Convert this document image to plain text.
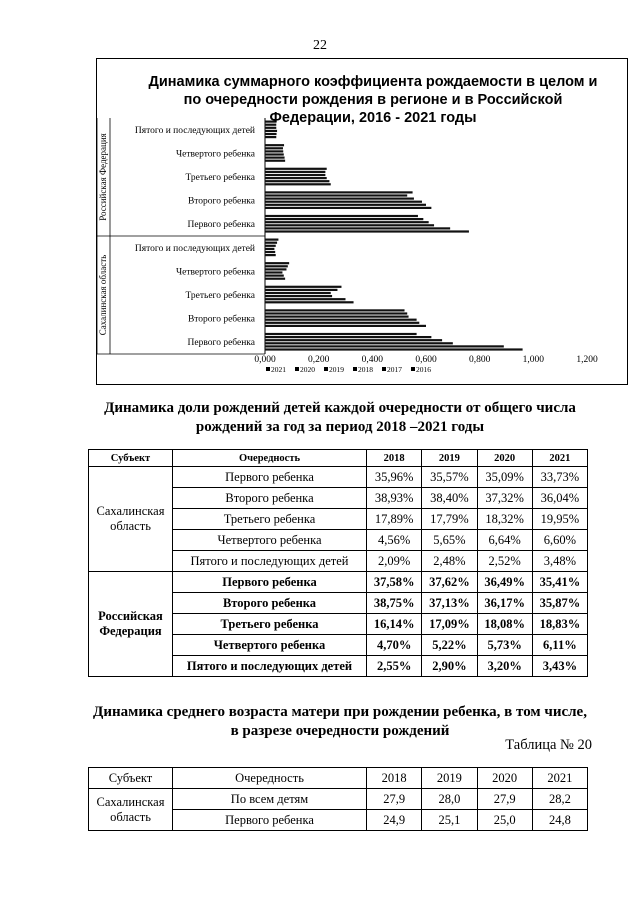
22
Российская Федерация
Пятого и последующих детей
Четвертого ребенка
Третьего ребенка
Второго ребенка
Первого ребенка
Сахалинская область
Пятого и последующих детей
Четвертого ребенка
Третьего ребенка
Второго ребенка
Первого ребенка
0,000	0,200	0,400	0,600	0,800	1,000	1,200
2021 2020 2019 2018 2017 2016
Динамика суммарного коэффициента рождаемости в целом и
по очередности рождения в регионе и в Российской
Федерации, 2016 - 2021 годы
Динамика доли рождений детей каждой очередности от общего числа
рождений за год за период 2018 –2021 годы
Субъект	Очередность	2018	2019	2020	2021

Сахалинская
область	Первого ребенка	35,96%	35,57%	35,09%	33,73%
	Второго ребенка	38,93%	38,40%	37,32%	36,04%
	Третьего ребенка	17,89%	17,79%	18,32%	19,95%
	Четвертого ребенка	4,56%	5,65%	6,64%	6,60%
	Пятого и последующих детей	2,09%	2,48%	2,52%	3,48%

Российская
Федерация	Первого ребенка	37,58%	37,62%	36,49%	35,41%
	Второго ребенка	38,75%	37,13%	36,17%	35,87%
	Третьего ребенка	16,14%	17,09%	18,08%	18,83%
	Четвертого ребенка	4,70%	5,22%	5,73%	6,11%
	Пятого и последующих детей	2,55%	2,90%	3,20%	3,43%
Динамика среднего возраста матери при рождении ребенка, в том числе,
в разрезе очередности рождений
Таблица № 20
Субъект	Очередность	2018	2019	2020	2021

Сахалинская
область	По всем детям	27,9	28,0	27,9	28,2
	Первого ребенка	24,9	25,1	25,0	24,8
